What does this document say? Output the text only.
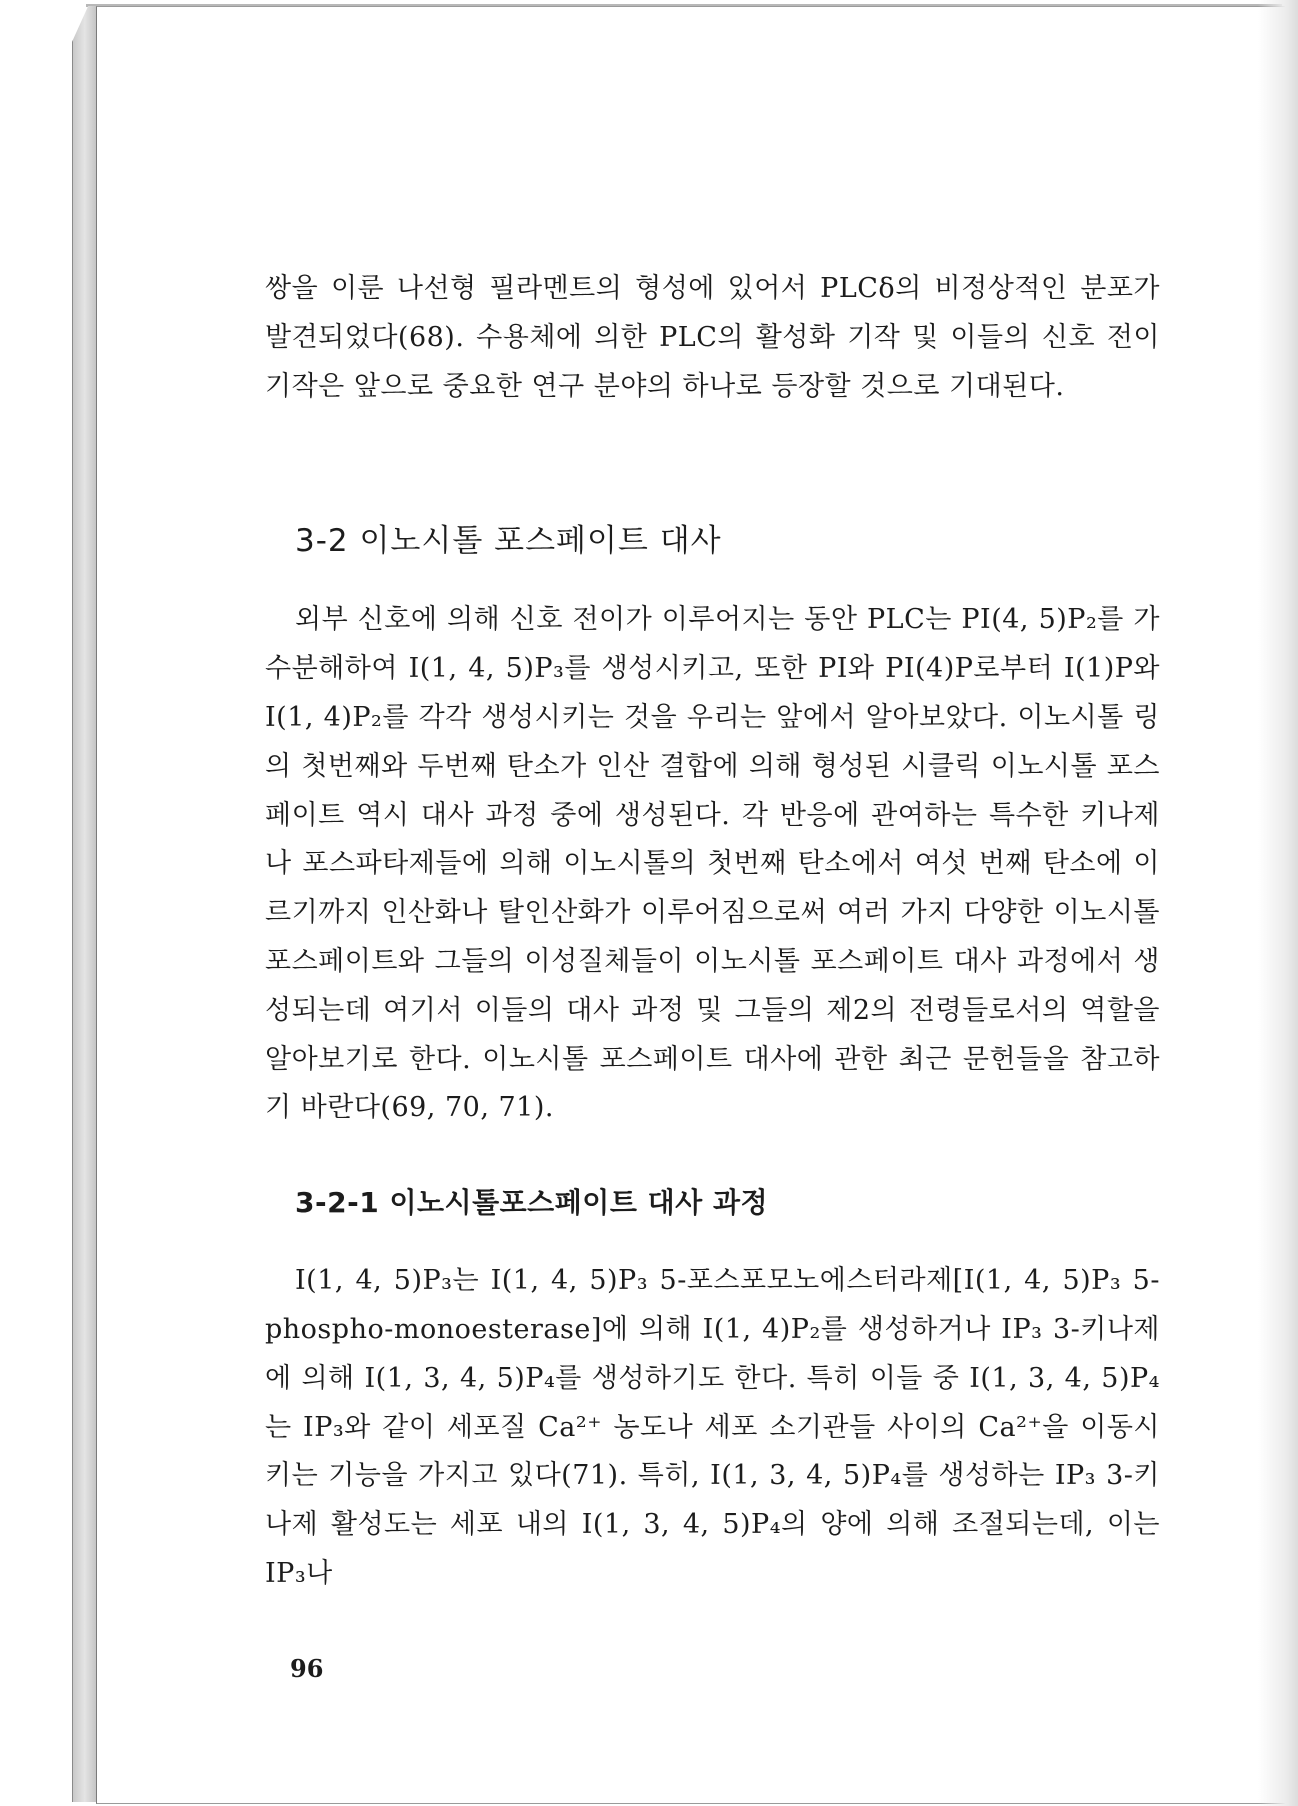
쌍을 이룬 나선형 필라멘트의 형성에 있어서 PLCδ의 비정상적인 분포가 발견되었다(68). 수용체에 의한 PLC의 활성화 기작 및 이들의 신호 전이 기작은 앞으로 중요한 연구 분야의 하나로 등장할 것으로 기대된다.

3-2 이노시톨 포스페이트 대사

외부 신호에 의해 신호 전이가 이루어지는 동안 PLC는 PI(4, 5)P₂를 가수분해하여 I(1, 4, 5)P₃를 생성시키고, 또한 PI와 PI(4)P로부터 I(1)P와 I(1, 4)P₂를 각각 생성시키는 것을 우리는 앞에서 알아보았다. 이노시톨 링의 첫번째와 두번째 탄소가 인산 결합에 의해 형성된 시클릭 이노시톨 포스페이트 역시 대사 과정 중에 생성된다. 각 반응에 관여하는 특수한 키나제나 포스파타제들에 의해 이노시톨의 첫번째 탄소에서 여섯 번째 탄소에 이르기까지 인산화나 탈인산화가 이루어짐으로써 여러 가지 다양한 이노시톨 포스페이트와 그들의 이성질체들이 이노시톨 포스페이트 대사 과정에서 생성되는데 여기서 이들의 대사 과정 및 그들의 제2의 전령들로서의 역할을 알아보기로 한다. 이노시톨 포스페이트 대사에 관한 최근 문헌들을 참고하기 바란다(69, 70, 71).

3-2-1 이노시톨포스페이트 대사 과정

I(1, 4, 5)P₃는 I(1, 4, 5)P₃ 5-포스포모노에스터라제[I(1, 4, 5)P₃ 5-phospho-monoesterase]에 의해 I(1, 4)P₂를 생성하거나 IP₃ 3-키나제에 의해 I(1, 3, 4, 5)P₄를 생성하기도 한다. 특히 이들 중 I(1, 3, 4, 5)P₄는 IP₃와 같이 세포질 Ca²⁺ 농도나 세포 소기관들 사이의 Ca²⁺을 이동시키는 기능을 가지고 있다(71). 특히, I(1, 3, 4, 5)P₄를 생성하는 IP₃ 3-키나제 활성도는 세포 내의 I(1, 3, 4, 5)P₄의 양에 의해 조절되는데, 이는 IP₃나

96
